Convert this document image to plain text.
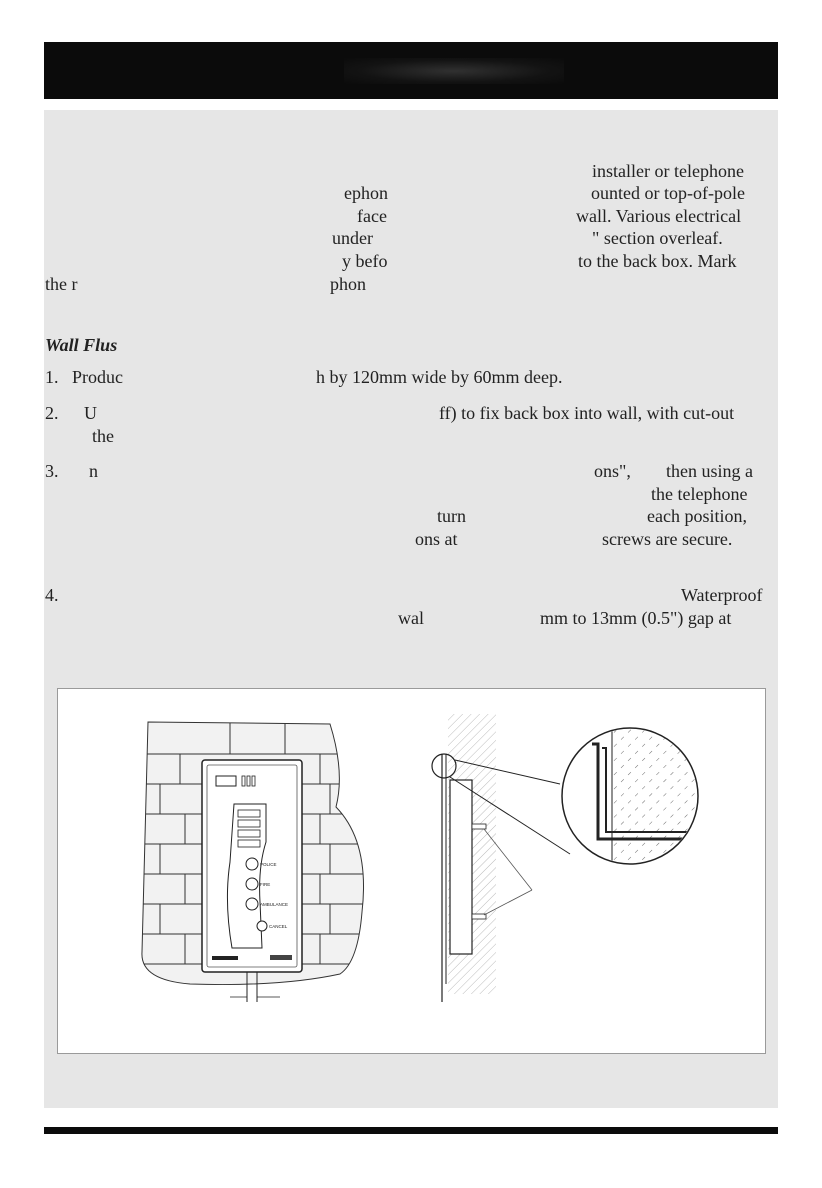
installer or telephone
ephon	ounted or top-of-pole
face	wall. Various electrical
under	" section overleaf.
y befo	to the back box. Mark
the r	phon
Wall Flus
1. Produc	h by 120mm wide by 60mm deep.
2. U	ff) to fix back box into wall, with cut-out
the
3. n	ons", then using a
the telephone
turn	each position,
ons at	screws are secure.
4.	Waterproof
wal	mm to 13mm (0.5") gap at
POLICE
FIRE
AMBULANCE
CANCEL
